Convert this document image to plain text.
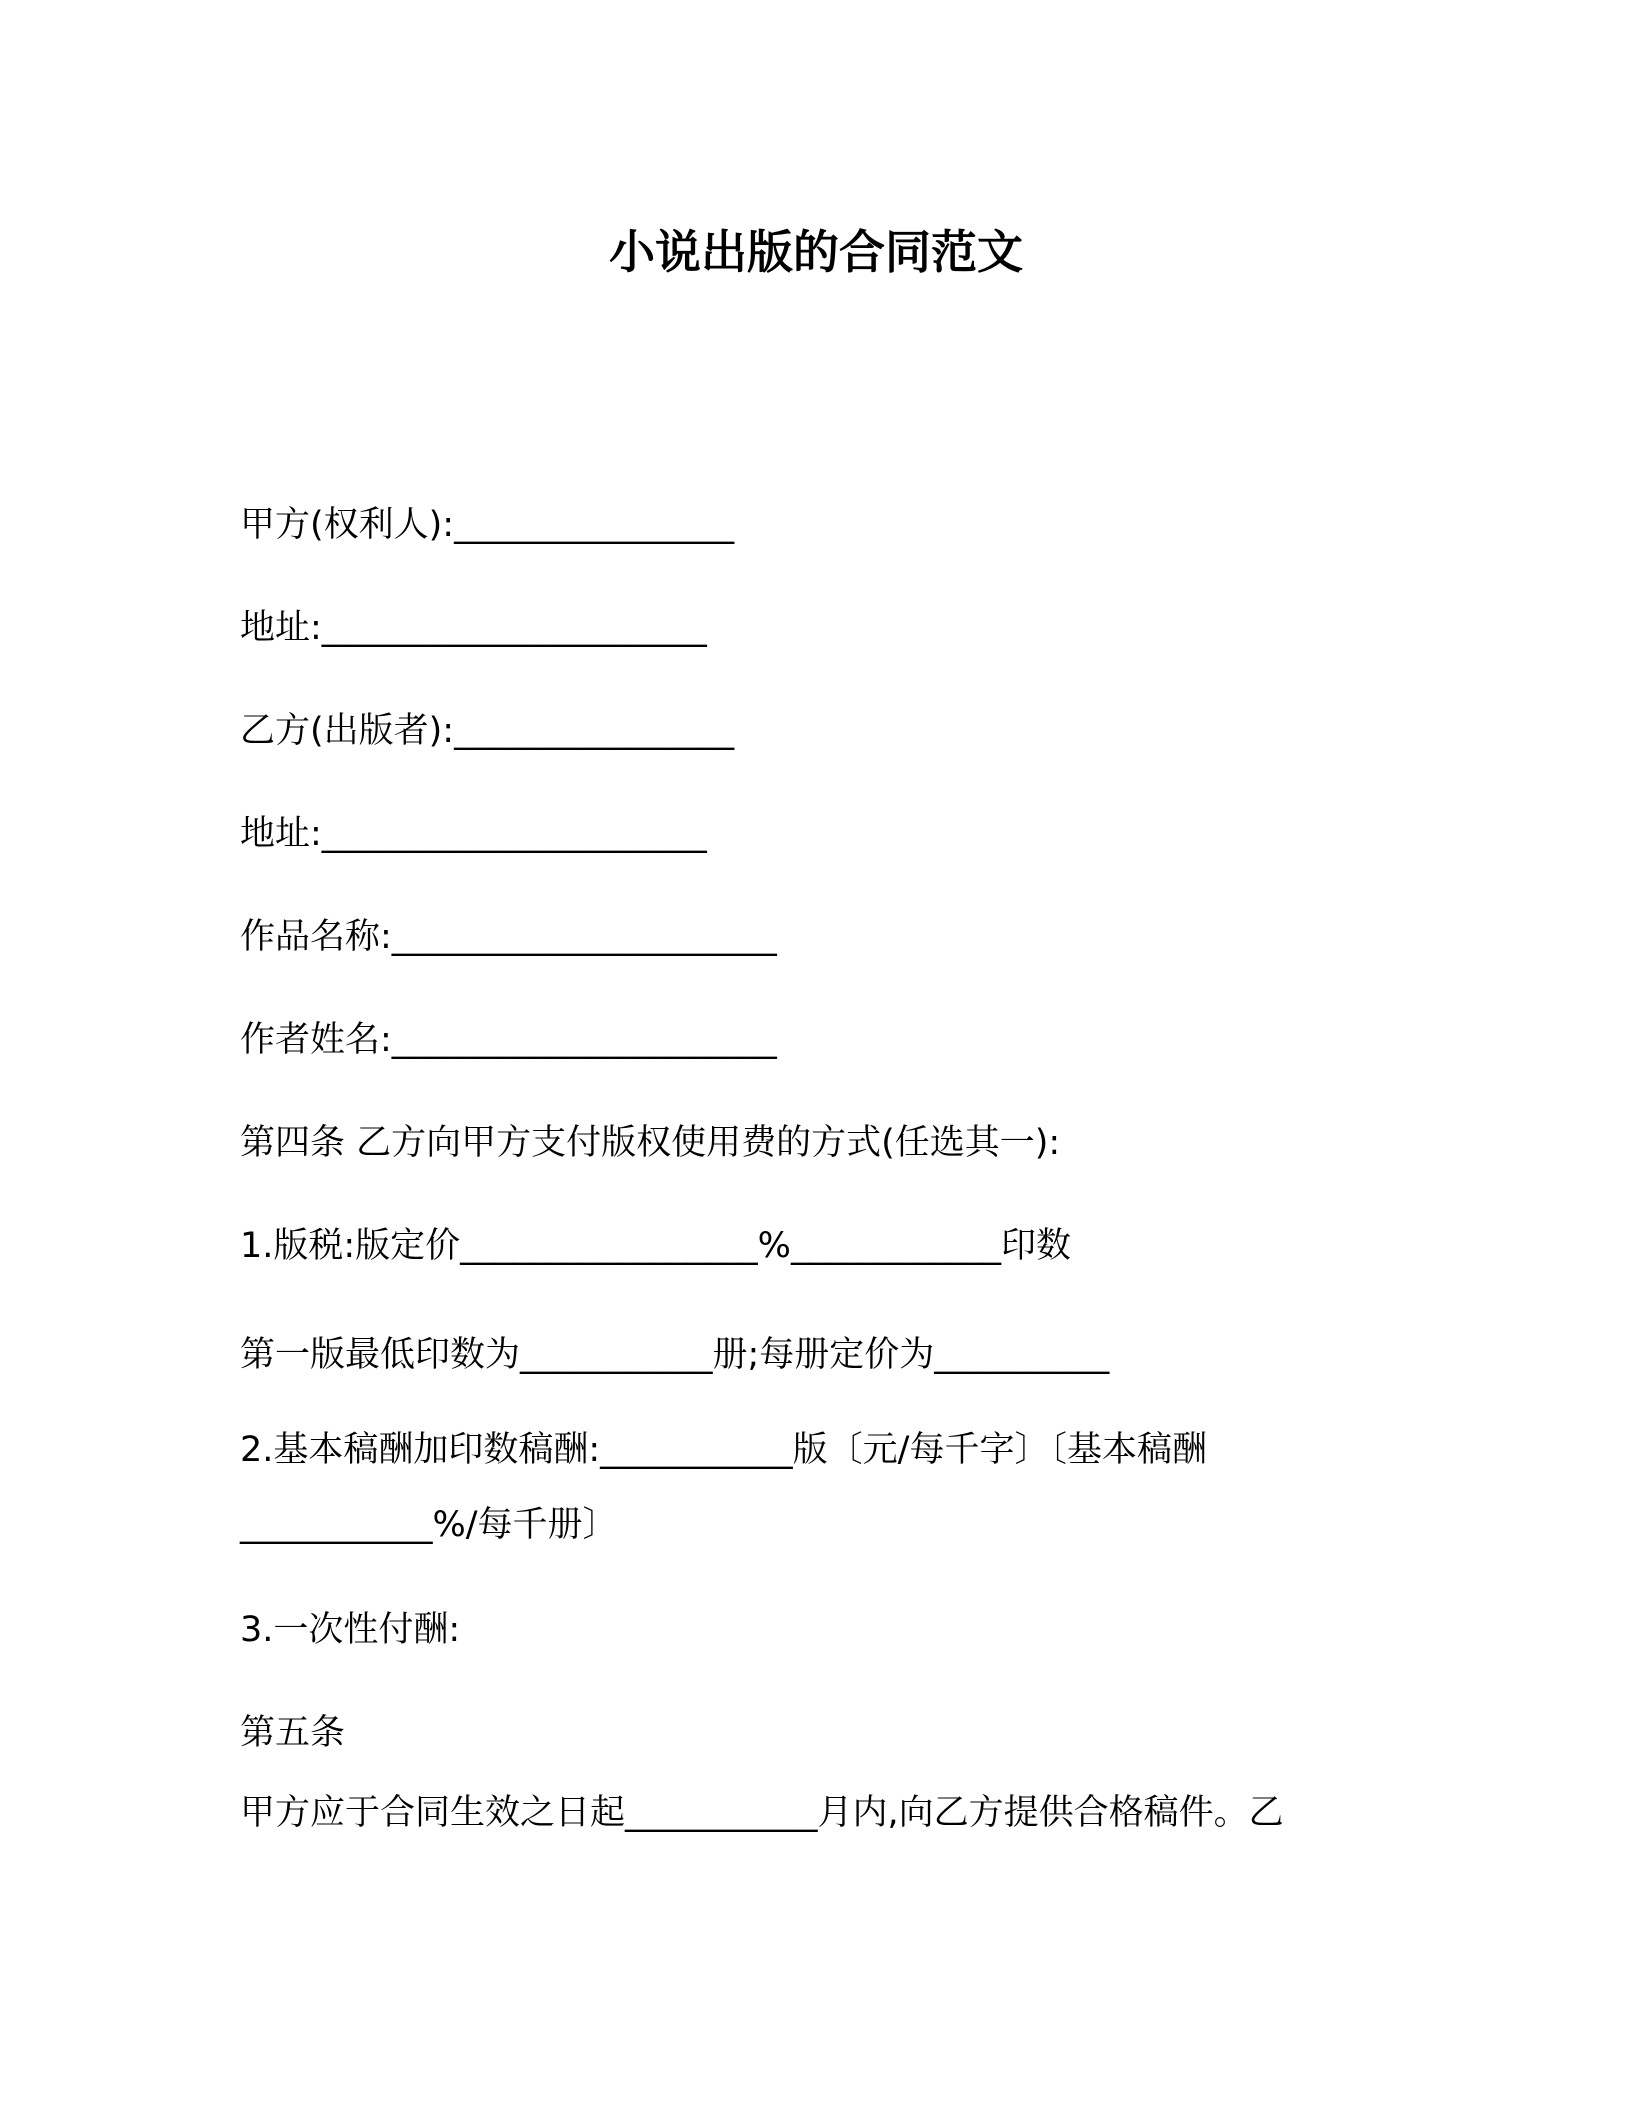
小说出版的合同范文
甲方(权利人):________________
地址:______________________
乙方(出版者):________________
地址:______________________
作品名称:______________________
作者姓名:______________________
第四条 乙方向甲方支付版权使用费的方式(任选其一):
1.版税:版定价_________________%____________印数
第一版最低印数为___________册;每册定价为__________
2.基本稿酬加印数稿酬:___________版〔元/每千字〕〔基本稿酬
___________%/每千册〕
3.一次性付酬:
第五条
甲方应于合同生效之日起___________月内,向乙方提供合格稿件。乙
